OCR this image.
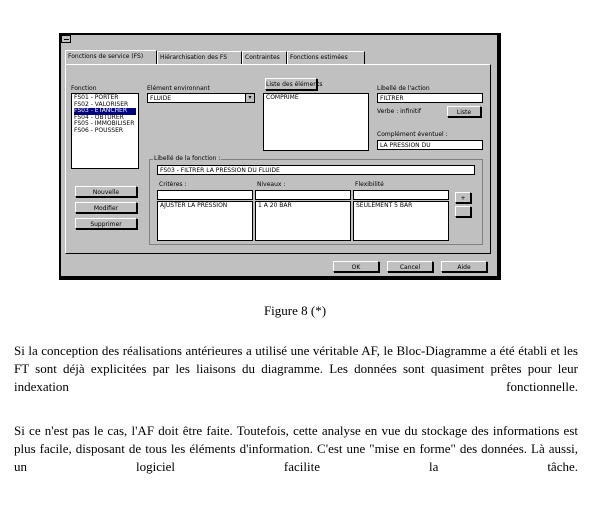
Fonctions de service (FS)	Hiérarchisation des FS	Contraintes	Fonctions estimées
Fonction
FS01 - PORTER
FS02 - VALORISER
FS03 - ETANCHER
FS04 - OBTURER
FS05 - IMMOBILISER
FS06 - POUSSER
Elément environnant
FLUIDE	▾
Liste des éléments
COMPRIME
Libellé de l'action
FILTRER
Verbe : infinitif	Liste
Complément éventuel :
LA PRESSION DU
Nouvelle
Modifier
Supprimer
Libellé de la fonction :
FS03 - FILTRER LA PRESSION DU FLUIDE
Critères :
AJUSTER LA PRESSION
Niveaux :
1 A 20 BAR
Flexibilité
SEULEMENT 5 BAR
+
OK	Cancel	Aide
Figure 8 (*)
Si la conception des réalisations antérieures a utilisé une véritable AF, le Bloc-Diagramme a été établi et les FT sont déjà explicitées par les liaisons du diagramme. Les données sont quasiment prêtes pour leur indexation fonctionnelle.
Si ce n'est pas le cas, l'AF doit être faite. Toutefois, cette analyse en vue du stockage des informations est plus facile, disposant de tous les éléments d'information. C'est une "mise en forme" des données. Là aussi, un logiciel facilite la tâche.
